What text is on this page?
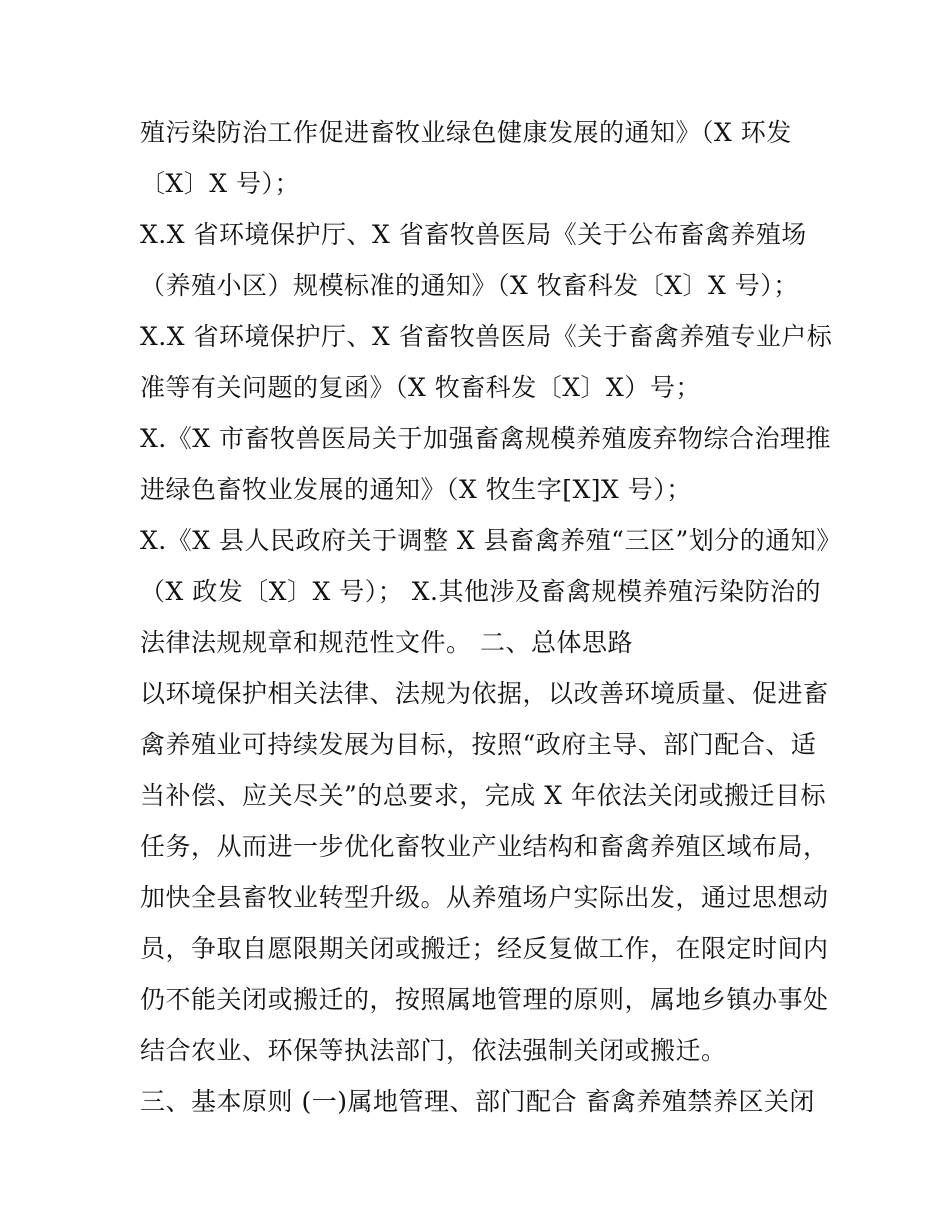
殖污染防治工作促进畜牧业绿色健康发展的通知》（X 环发
〔X〕X 号）；
X.X 省环境保护厅、X 省畜牧兽医局《关于公布畜禽养殖场
（养殖小区）规模标准的通知》（X 牧畜科发〔X〕X 号）；
X.X 省环境保护厅、X 省畜牧兽医局《关于畜禽养殖专业户标
准等有关问题的复函》（X 牧畜科发〔X〕X）号；
X.《X 市畜牧兽医局关于加强畜禽规模养殖废弃物综合治理推
进绿色畜牧业发展的通知》（X 牧生字[X]X 号）；
X.《X 县人民政府关于调整 X 县畜禽养殖“三区”划分的通知》
（X 政发〔X〕X 号）； X.其他涉及畜禽规模养殖污染防治的
法律法规规章和规范性文件。 二、总体思路
以环境保护相关法律、法规为依据，以改善环境质量、促进畜
禽养殖业可持续发展为目标，按照“政府主导、部门配合、适
当补偿、应关尽关”的总要求，完成 X 年依法关闭或搬迁目标
任务，从而进一步优化畜牧业产业结构和畜禽养殖区域布局，
加快全县畜牧业转型升级。从养殖场户实际出发，通过思想动
员，争取自愿限期关闭或搬迁；经反复做工作，在限定时间内
仍不能关闭或搬迁的，按照属地管理的原则，属地乡镇办事处
结合农业、环保等执法部门，依法强制关闭或搬迁。
三、基本原则 (一)属地管理、部门配合 畜禽养殖禁养区关闭
